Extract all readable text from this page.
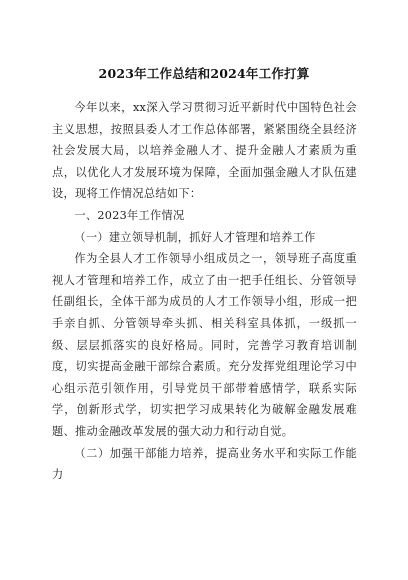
2023年工作总结和2024年工作打算

今年以来，xx深入学习贯彻习近平新时代中国特色社会主义思想，按照县委人才工作总体部署，紧紧围绕全县经济社会发展大局，以培养金融人才、提升金融人才素质为重点，以优化人才发展环境为保障，全面加强金融人才队伍建设，现将工作情况总结如下：

一、2023年工作情况

（一）建立领导机制，抓好人才管理和培养工作

作为全县人才工作领导小组成员之一，领导班子高度重视人才管理和培养工作，成立了由一把手任组长、分管领导任副组长，全体干部为成员的人才工作领导小组，形成一把手亲自抓、分管领导牵头抓、相关科室具体抓，一级抓一级、层层抓落实的良好格局。同时，完善学习教育培训制度，切实提高金融干部综合素质。充分发挥党组理论学习中心组示范引领作用，引导党员干部带着感情学，联系实际学，创新形式学，切实把学习成果转化为破解金融发展难题、推动金融改革发展的强大动力和行动自觉。

（二）加强干部能力培养，提高业务水平和实际工作能力
